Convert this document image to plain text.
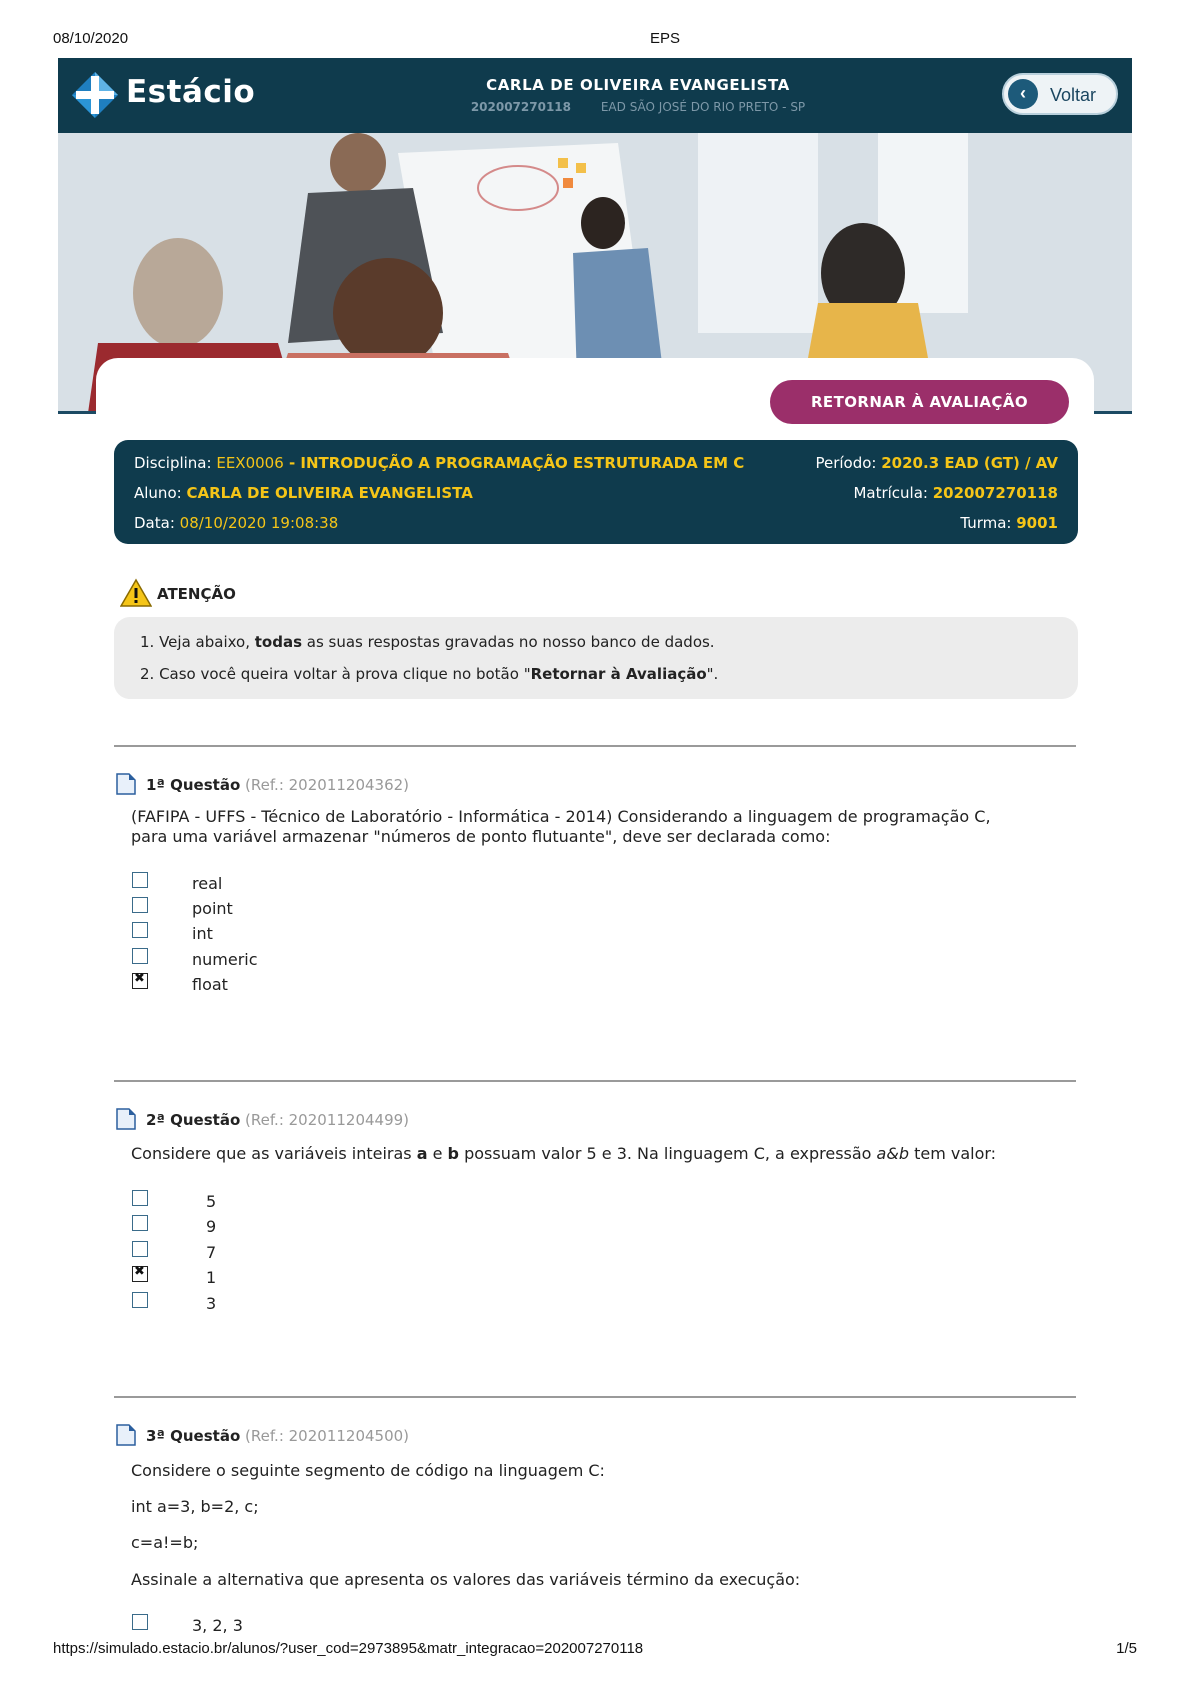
08/10/2020	EPS
Estácio	CARLA DE OLIVEIRA EVANGELISTA
202007270118 EAD SÃO JOSÉ DO RIO PRETO - SP
‹	Voltar
RETORNAR À AVALIAÇÃO
Disciplina: EEX0006 - INTRODUÇÃO A PROGRAMAÇÃO ESTRUTURADA EM C	Período: 2020.3 EAD (GT) / AV
Aluno: CARLA DE OLIVEIRA EVANGELISTA	Matrícula: 202007270118
Data: 08/10/2020 19:08:38	Turma: 9001
ATENÇÃO
1. Veja abaixo, todas as suas respostas gravadas no nosso banco de dados.
2. Caso você queira voltar à prova clique no botão "Retornar à Avaliação".
1ª Questão (Ref.: 202011204362)
(FAFIPA - UFFS - Técnico de Laboratório - Informática - 2014) Considerando a linguagem de programação C,
para uma variável armazenar "números de ponto flutuante", deve ser declarada como:
real
point
int
numeric
✖
float
2ª Questão (Ref.: 202011204499)
Considere que as variáveis inteiras a e b possuam valor 5 e 3. Na linguagem C, a expressão a&b tem valor:
5
9
7
✖
1
3
3ª Questão (Ref.: 202011204500)
Considere o seguinte segmento de código na linguagem C:
int a=3, b=2, c;
c=a!=b;
Assinale a alternativa que apresenta os valores das variáveis término da execução:
3, 2, 3
https://simulado.estacio.br/alunos/?user_cod=2973895&matr_integracao=202007270118	1/5
